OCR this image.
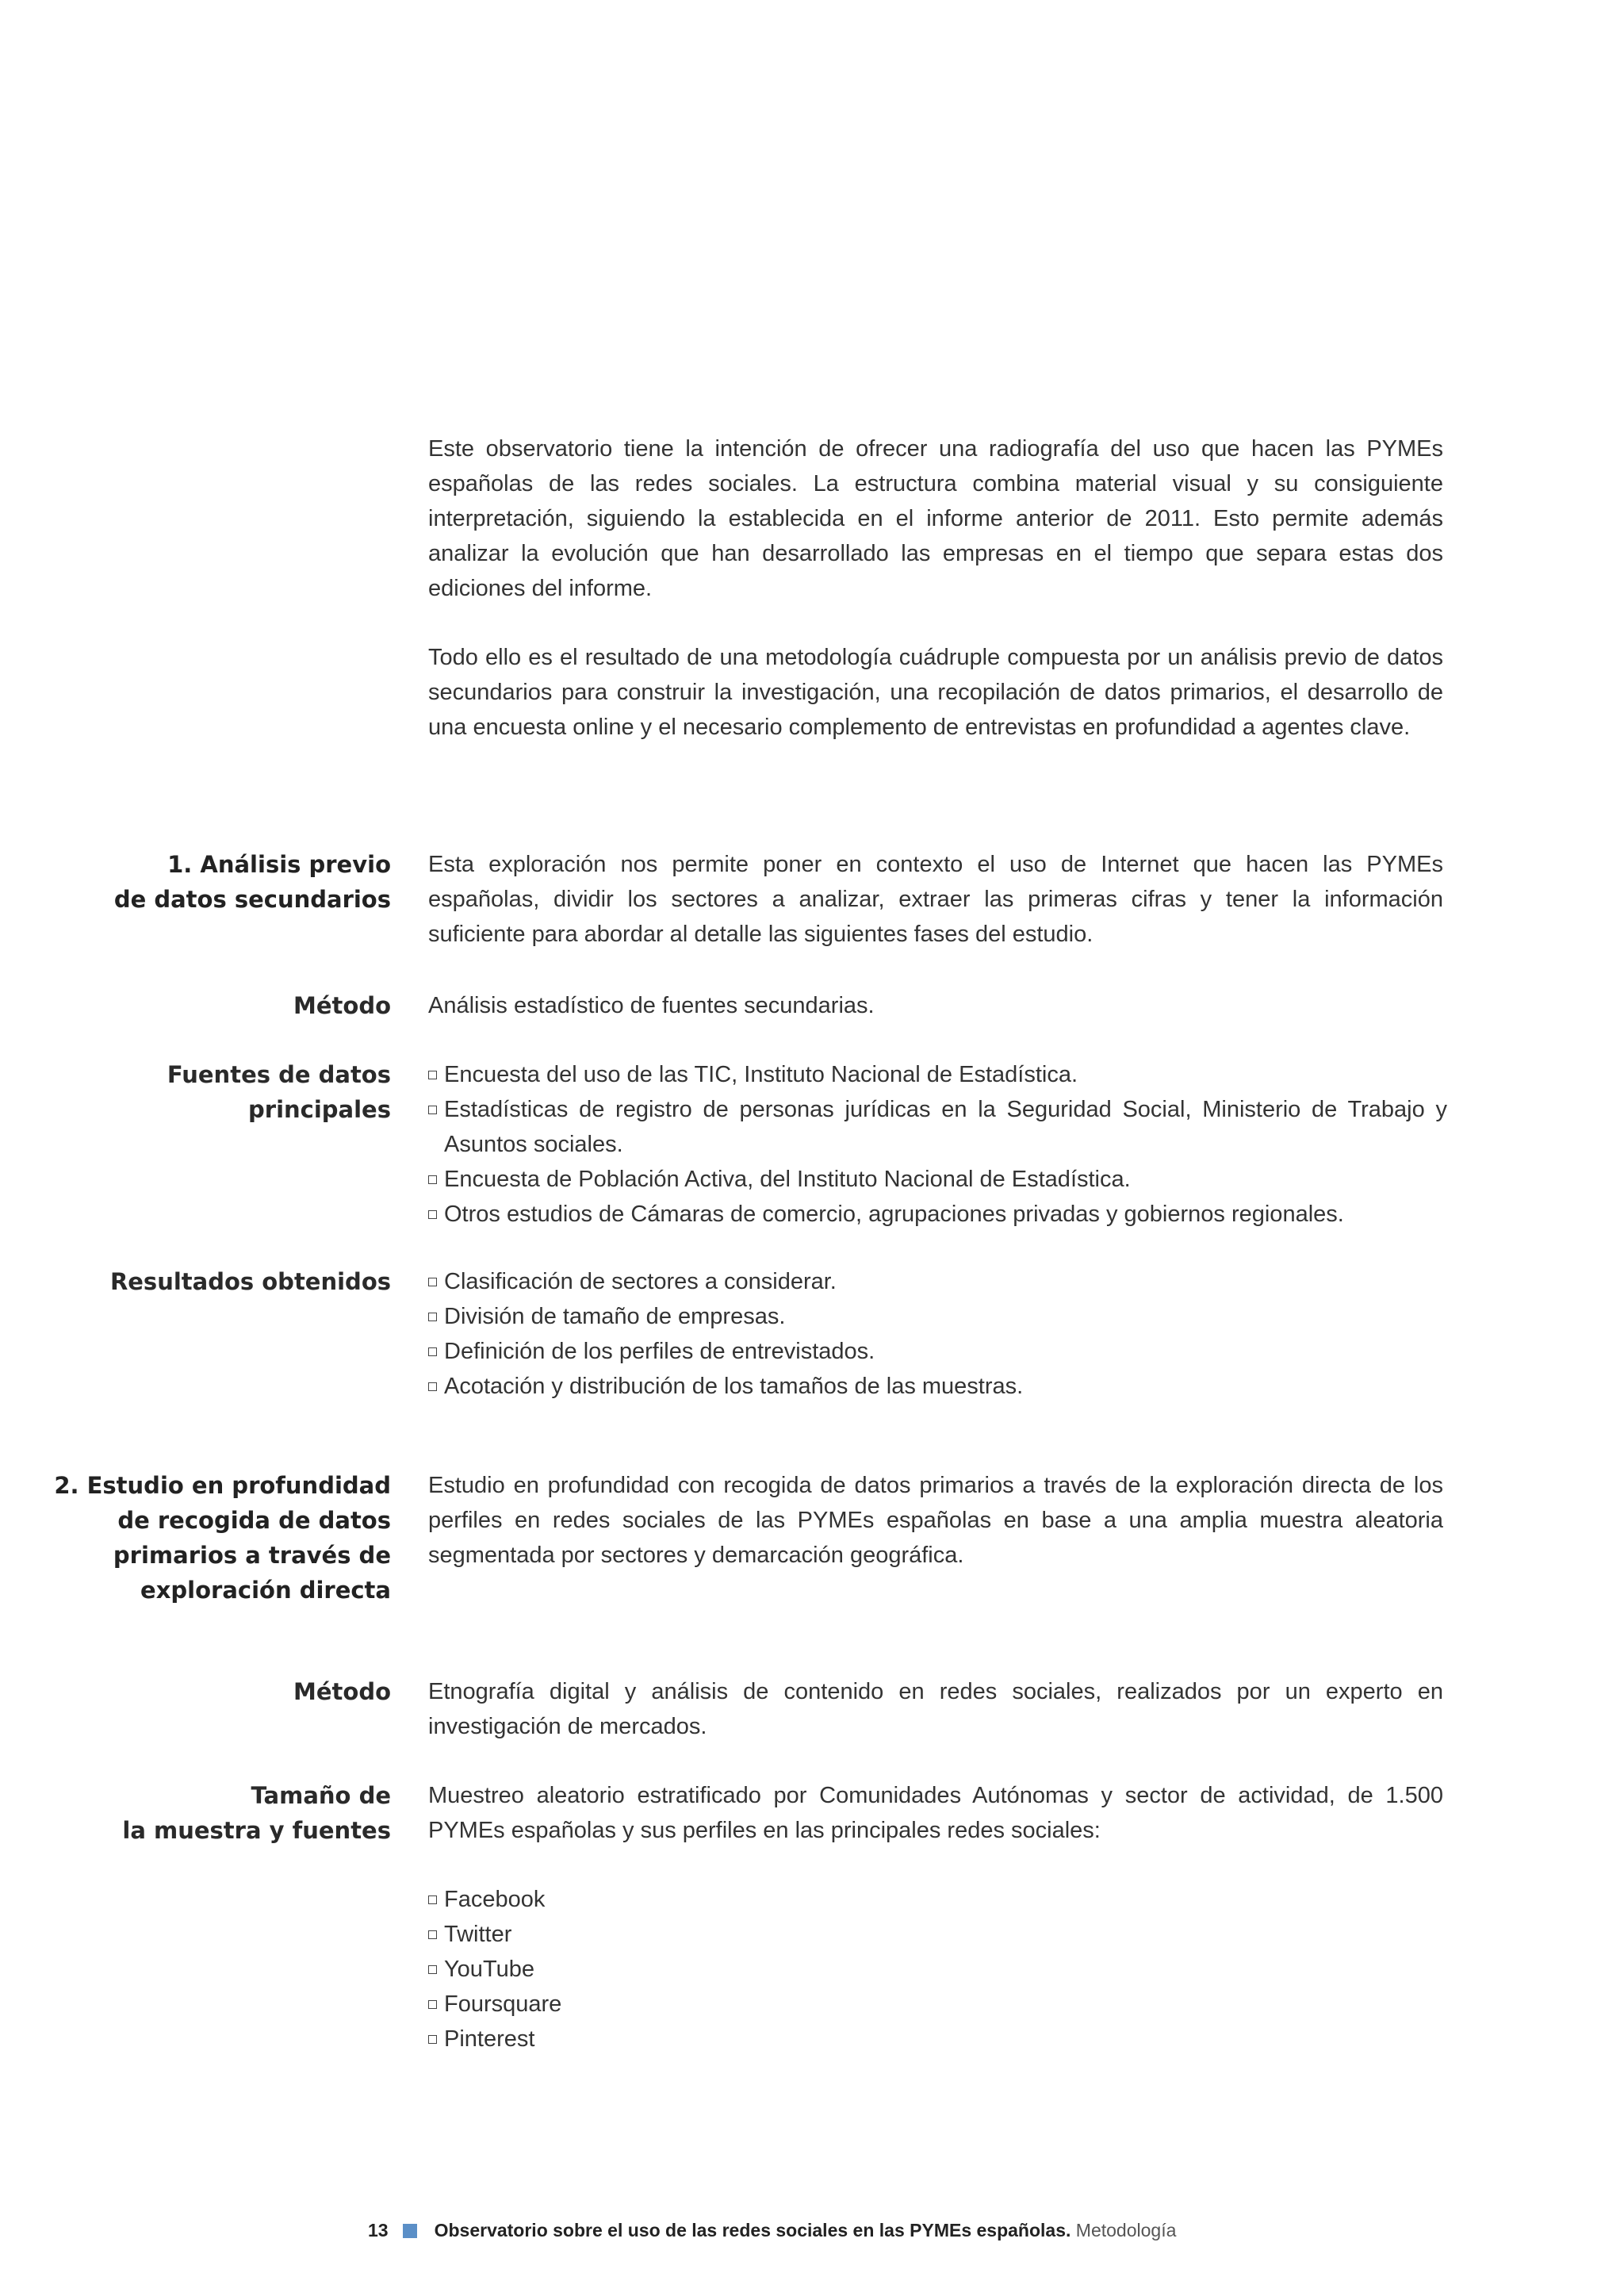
Este observatorio tiene la intención de ofrecer una radiografía del uso que hacen las PYMEs españolas de las redes sociales. La estructura combina material visual y su consiguiente interpretación, siguiendo la establecida en el informe anterior de 2011. Esto permite además analizar la evolución que han desarrollado las empresas en el tiempo que separa estas dos ediciones del informe.

Todo ello es el resultado de una metodología cuádruple compuesta por un análisis previo de datos secundarios para construir la investigación, una recopilación de datos primarios, el desarrollo de una encuesta online y el necesario complemento de entrevistas en profundidad a agentes clave.

1. Análisis previo
de datos secundarios

Esta exploración nos permite poner en contexto el uso de Internet que hacen las PYMEs españolas, dividir los sectores a analizar, extraer las primeras cifras y tener la información suficiente para abordar al detalle las siguientes fases del estudio.

Método Análisis estadístico de fuentes secundarias.

Fuentes de datos
principales
Encuesta del uso de las TIC, Instituto Nacional de Estadística.
Estadísticas de registro de personas jurídicas en la Seguridad Social, Ministerio de Trabajo y Asuntos sociales.
Encuesta de Población Activa, del Instituto Nacional de Estadística.
Otros estudios de Cámaras de comercio, agrupaciones privadas y gobiernos regionales.
Resultados obtenidos	Clasificación de sectores a considerar.
División de tamaño de empresas.
Definición de los perfiles de entrevistados.
Acotación y distribución de los tamaños de las muestras.
2. Estudio en profundidad
de recogida de datos
primarios a través de
exploración directa

Estudio en profundidad con recogida de datos primarios a través de la exploración directa de los perfiles en redes sociales de las PYMEs españolas en base a una amplia muestra aleatoria segmentada por sectores y demarcación geográfica.

Método Etnografía digital y análisis de contenido en redes sociales, realizados por un experto en investigación de mercados.

Tamaño de
la muestra y fuentes

Muestreo aleatorio estratificado por Comunidades Autónomas y sector de actividad, de 1.500 PYMEs españolas y sus perfiles en las principales redes sociales:

Facebook
Twitter
YouTube
Foursquare
Pinterest
13	Observatorio sobre el uso de las redes sociales en las PYMEs españolas. Metodología
